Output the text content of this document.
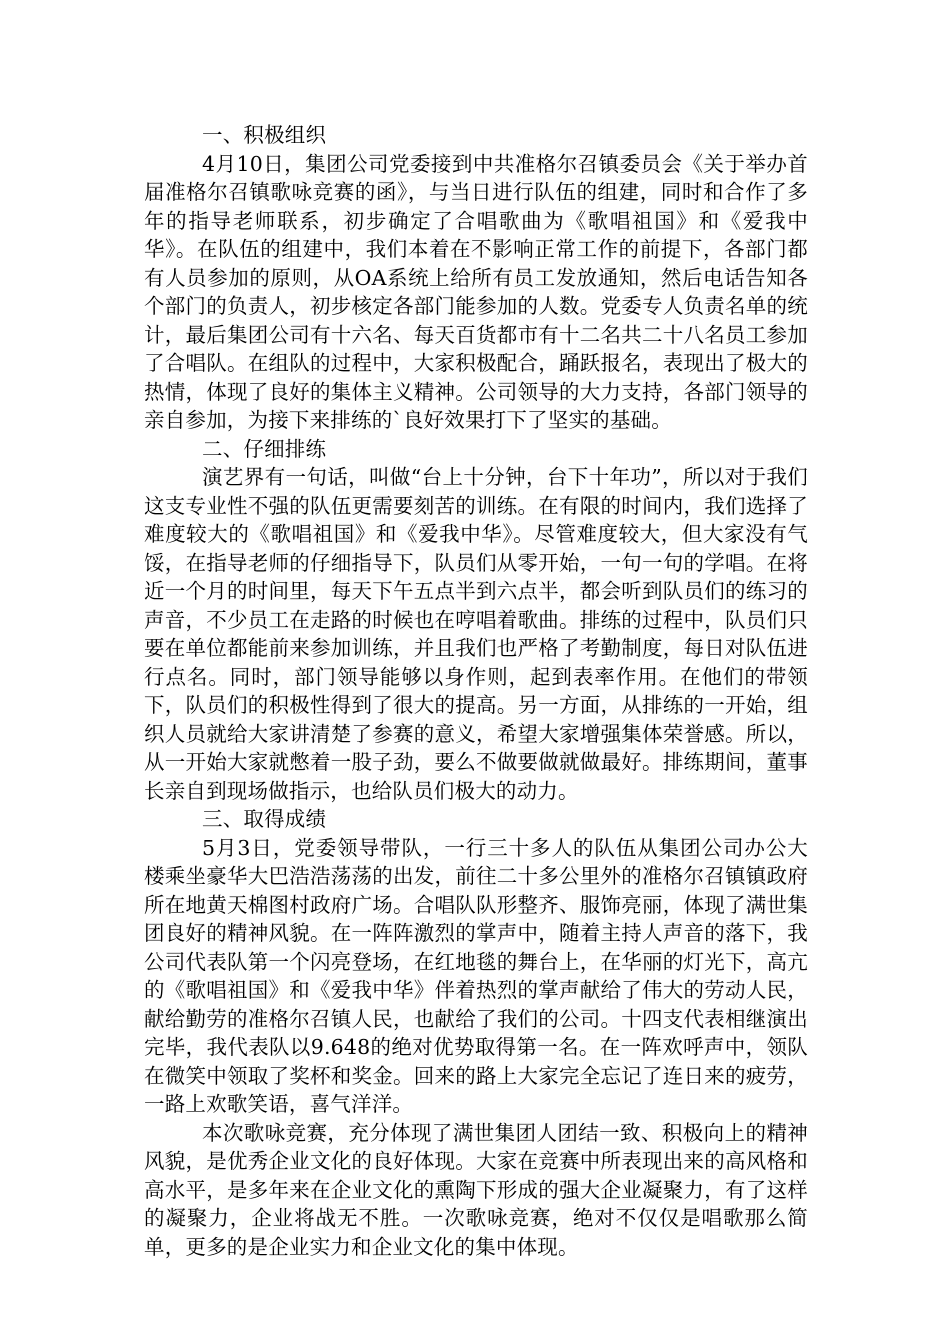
一、积极组织

4月10日，集团公司党委接到中共准格尔召镇委员会《关于举办首届准格尔召镇歌咏竞赛的函》，与当日进行队伍的组建，同时和合作了多年的指导老师联系，初步确定了合唱歌曲为《歌唱祖国》和《爱我中华》。在队伍的组建中，我们本着在不影响正常工作的前提下，各部门都有人员参加的原则，从OA系统上给所有员工发放通知，然后电话告知各个部门的负责人，初步核定各部门能参加的人数。党委专人负责名单的统计，最后集团公司有十六名、每天百货都市有十二名共二十八名员工参加了合唱队。在组队的过程中，大家积极配合，踊跃报名，表现出了极大的热情，体现了良好的集体主义精神。公司领导的大力支持，各部门领导的亲自参加，为接下来排练的`良好效果打下了坚实的基础。

二、仔细排练

演艺界有一句话，叫做“台上十分钟，台下十年功”，所以对于我们这支专业性不强的队伍更需要刻苦的训练。在有限的时间内，我们选择了难度较大的《歌唱祖国》和《爱我中华》。尽管难度较大，但大家没有气馁，在指导老师的仔细指导下，队员们从零开始，一句一句的学唱。在将近一个月的时间里，每天下午五点半到六点半，都会听到队员们的练习的声音，不少员工在走路的时候也在哼唱着歌曲。排练的过程中，队员们只要在单位都能前来参加训练，并且我们也严格了考勤制度，每日对队伍进行点名。同时，部门领导能够以身作则，起到表率作用。在他们的带领下，队员们的积极性得到了很大的提高。另一方面，从排练的一开始，组织人员就给大家讲清楚了参赛的意义，希望大家增强集体荣誉感。所以，从一开始大家就憋着一股子劲，要么不做要做就做最好。排练期间，董事长亲自到现场做指示，也给队员们极大的动力。

三、取得成绩

5月3日，党委领导带队，一行三十多人的队伍从集团公司办公大楼乘坐豪华大巴浩浩荡荡的出发，前往二十多公里外的准格尔召镇镇政府所在地黄天棉图村政府广场。合唱队队形整齐、服饰亮丽，体现了满世集团良好的精神风貌。在一阵阵激烈的掌声中，随着主持人声音的落下，我公司代表队第一个闪亮登场，在红地毯的舞台上，在华丽的灯光下，高亢的《歌唱祖国》和《爱我中华》伴着热烈的掌声献给了伟大的劳动人民，献给勤劳的准格尔召镇人民，也献给了我们的公司。十四支代表相继演出完毕，我代表队以9.648的绝对优势取得第一名。在一阵欢呼声中，领队在微笑中领取了奖杯和奖金。回来的路上大家完全忘记了连日来的疲劳，一路上欢歌笑语，喜气洋洋。

本次歌咏竞赛，充分体现了满世集团人团结一致、积极向上的精神风貌，是优秀企业文化的良好体现。大家在竞赛中所表现出来的高风格和高水平，是多年来在企业文化的熏陶下形成的强大企业凝聚力，有了这样的凝聚力，企业将战无不胜。一次歌咏竞赛，绝对不仅仅是唱歌那么简单，更多的是企业实力和企业文化的集中体现。
